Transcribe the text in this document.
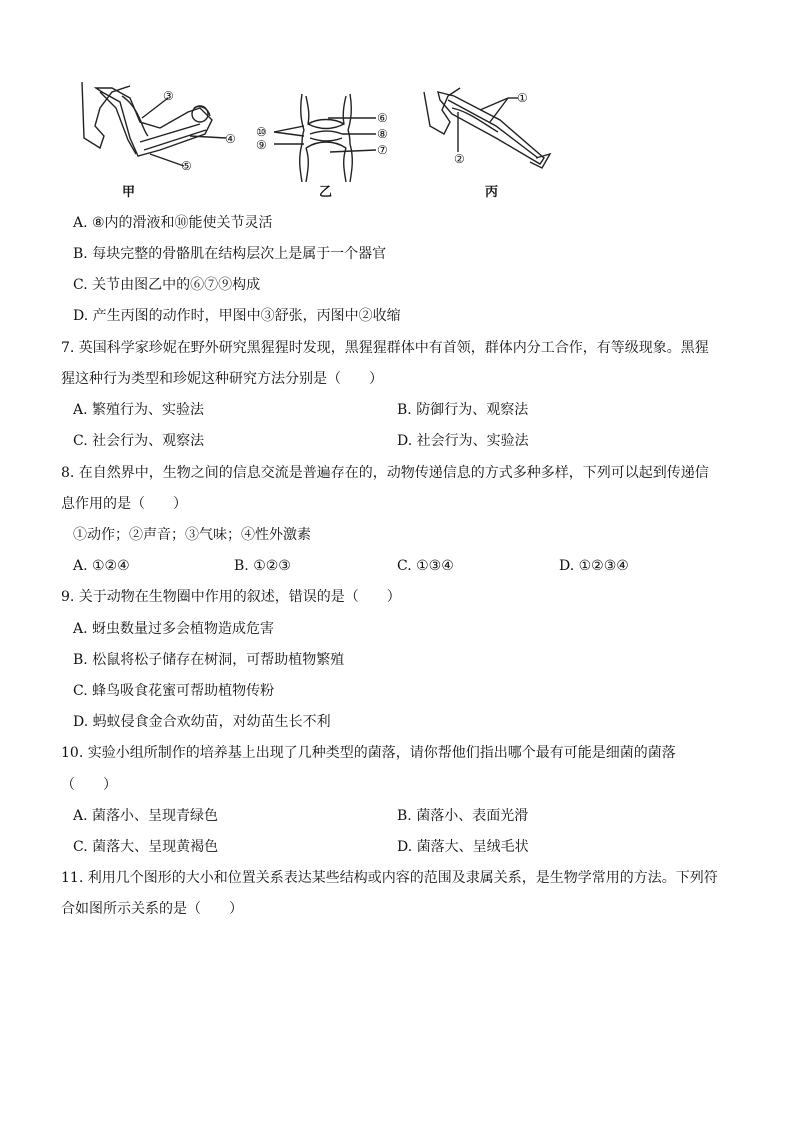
③
④
⑤
⑥
⑧
⑦
⑩
⑨
①
②
甲	乙	丙
A. ⑧内的滑液和⑩能使关节灵活
B. 每块完整的骨骼肌在结构层次上是属于一个器官
C. 关节由图乙中的⑥⑦⑨构成
D. 产生丙图的动作时，甲图中③舒张，丙图中②收缩
7. 英国科学家珍妮在野外研究黑猩猩时发现，黑猩猩群体中有首领，群体内分工合作，有等级现象。黑猩
猩这种行为类型和珍妮这种研究方法分别是（　　）
A. 繁殖行为、实验法	B. 防御行为、观察法
C. 社会行为、观察法	D. 社会行为、实验法
8. 在自然界中，生物之间的信息交流是普遍存在的，动物传递信息的方式多种多样，下列可以起到传递信
息作用的是（　　）
①动作；②声音；③气味；④性外激素
A. ①②④	B. ①②③	C. ①③④	D. ①②③④
9. 关于动物在生物圈中作用的叙述，错误的是（　　）
A. 蚜虫数量过多会植物造成危害
B. 松鼠将松子储存在树洞，可帮助植物繁殖
C. 蜂鸟吸食花蜜可帮助植物传粉
D. 蚂蚁侵食金合欢幼苗，对幼苗生长不利
10. 实验小组所制作的培养基上出现了几种类型的菌落，请你帮他们指出哪个最有可能是细菌的菌落
（　　）
A. 菌落小、呈现青绿色	B. 菌落小、表面光滑
C. 菌落大、呈现黄褐色	D. 菌落大、呈绒毛状
11. 利用几个图形的大小和位置关系表达某些结构或内容的范围及隶属关系，是生物学常用的方法。下列符
合如图所示关系的是（　　）
